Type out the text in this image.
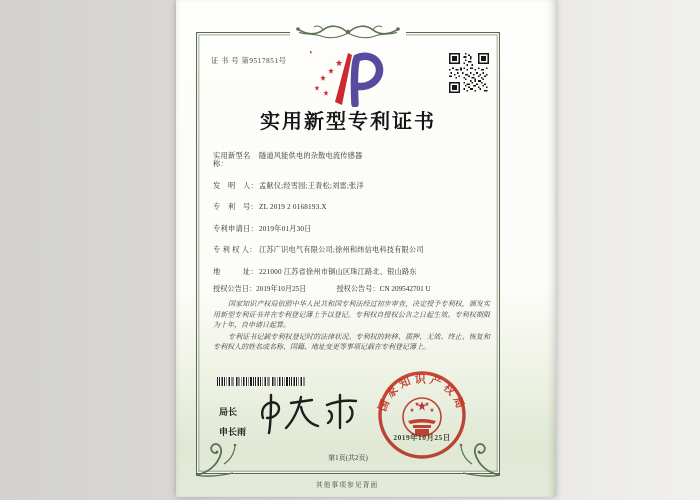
证 书 号 第9517851号
实用新型专利证书
实用新型名称：
隧道风能供电的杂散电流传感器
发　明　人： 孟献仪;经雪园;王青松;刘雷;张洋
专　利　号： ZL 2019 2 0168193.X
专利申请日： 2019年01月30日
专 利 权 人： 江苏广识电气有限公司;徐州和纬信电科技有限公司
地　　　址： 221000 江苏省徐州市铜山区珠江路北、银山路东
授权公告日：2019年10月25日	授权公告号：CN 209542701 U

国家知识产权局依照中华人民共和国专利法经过初步审查，决定授予专利权，颁发实用新型专利证书并在专利登记簿上予以登记。专利权自授权公告之日起生效。专利权期限为十年，自申请日起算。

专利证书记载专利权登记时的法律状况。专利权的转移、质押、无效、终止、恢复和专利权人的姓名或名称、国籍、地址变更等事项记载在专利登记簿上。

局长
申长雨
国家知识产权局
2019年10月25日
第1页(共2页)
其他事项参见背面
